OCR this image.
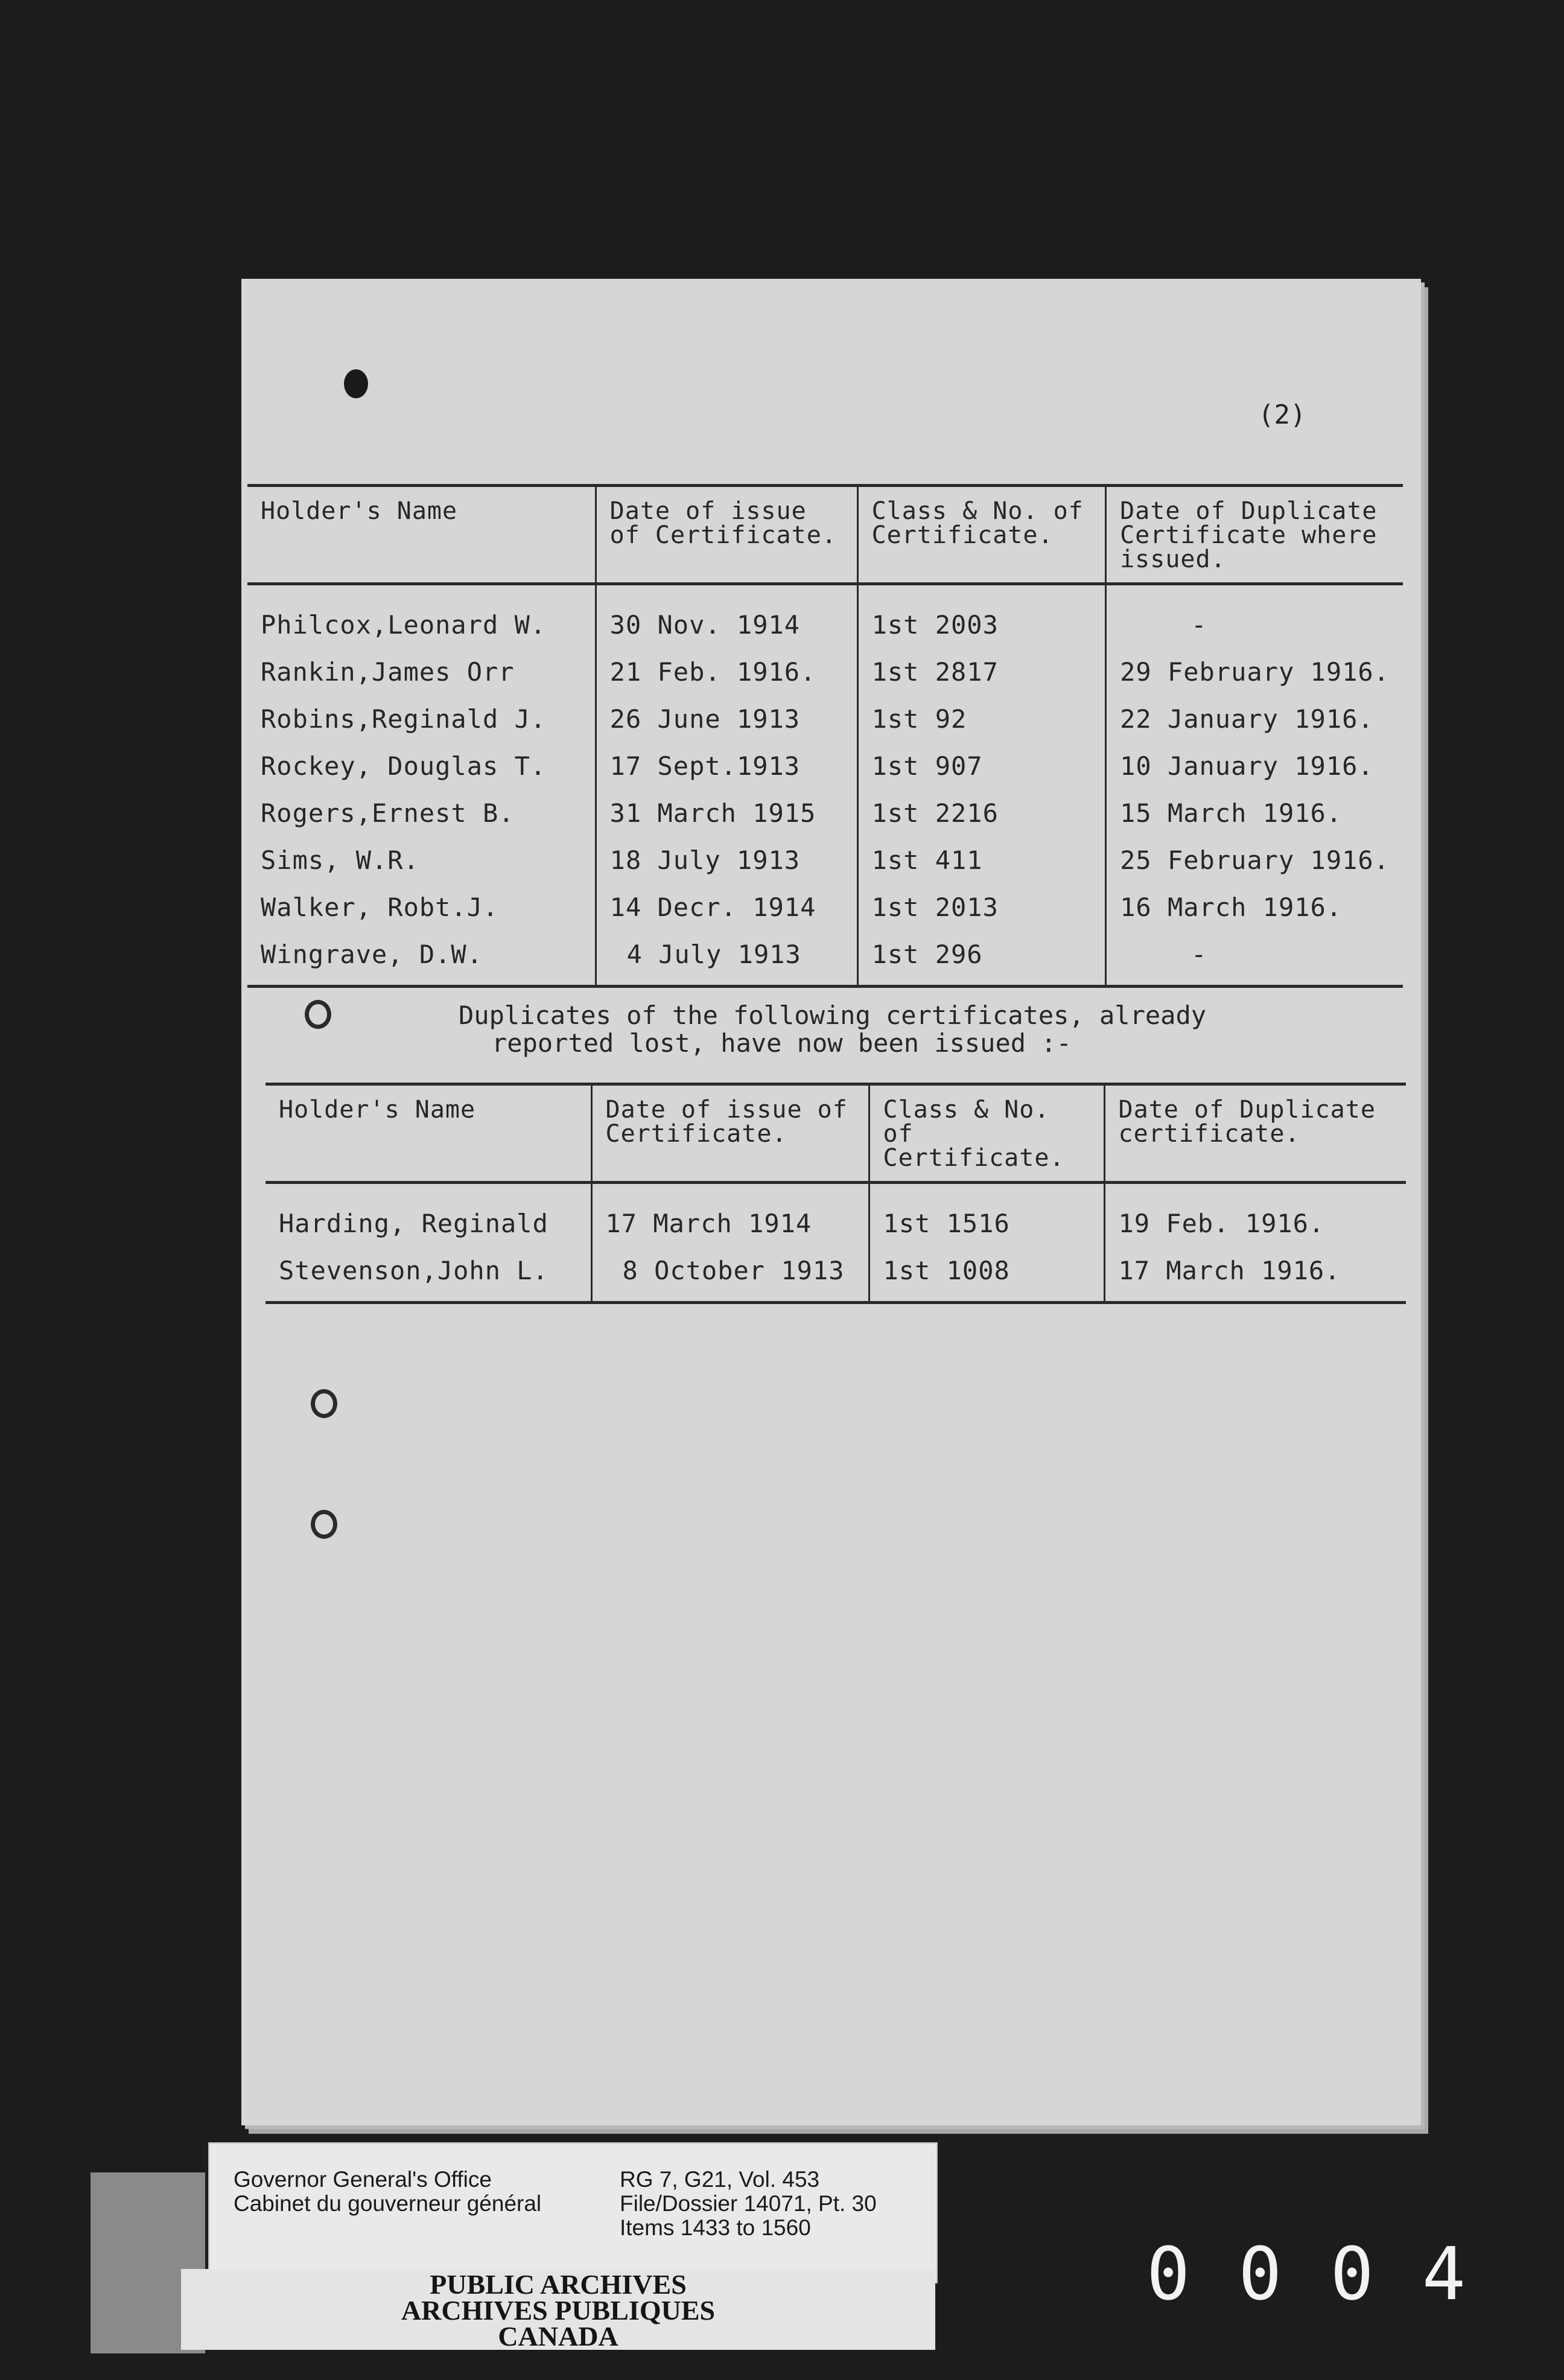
(2)
Holder's Name	Date of issue of Certificate.	Class & No. of Certificate.	Date of Duplicate Certificate where issued.
Philcox,Leonard W.	30 Nov. 1914	1st 2003	-
Rankin,James Orr	21 Feb. 1916.	1st 2817	29 February 1916.
Robins,Reginald J.	26 June 1913	1st 92	22 January 1916.
Rockey, Douglas T.	17 Sept.1913	1st 907	10 January 1916.
Rogers,Ernest B.	31 March 1915	1st 2216	15 March 1916.
Sims, W.R.	18 July 1913	1st 411	25 February 1916.
Walker, Robt.J.	14 Decr. 1914	1st 2013	16 March 1916.
Wingrave, D.W.	4 July 1913	1st 296	-
Duplicates of the following certificates, already
reported lost, have now been issued :-
Holder's Name	Date of issue of Certificate.	Class & No. of Certificate.	Date of Duplicate certificate.
Harding, Reginald	17 March 1914	1st 1516	19 Feb. 1916.
Stevenson,John L.	8 October 1913	1st 1008	17 March 1916.
Governor General's Office
Cabinet du gouverneur général
RG 7, G21, Vol. 453
File/Dossier 14071, Pt. 30
Items 1433 to 1560
PUBLIC ARCHIVES
ARCHIVES PUBLIQUES
CANADA
0004
